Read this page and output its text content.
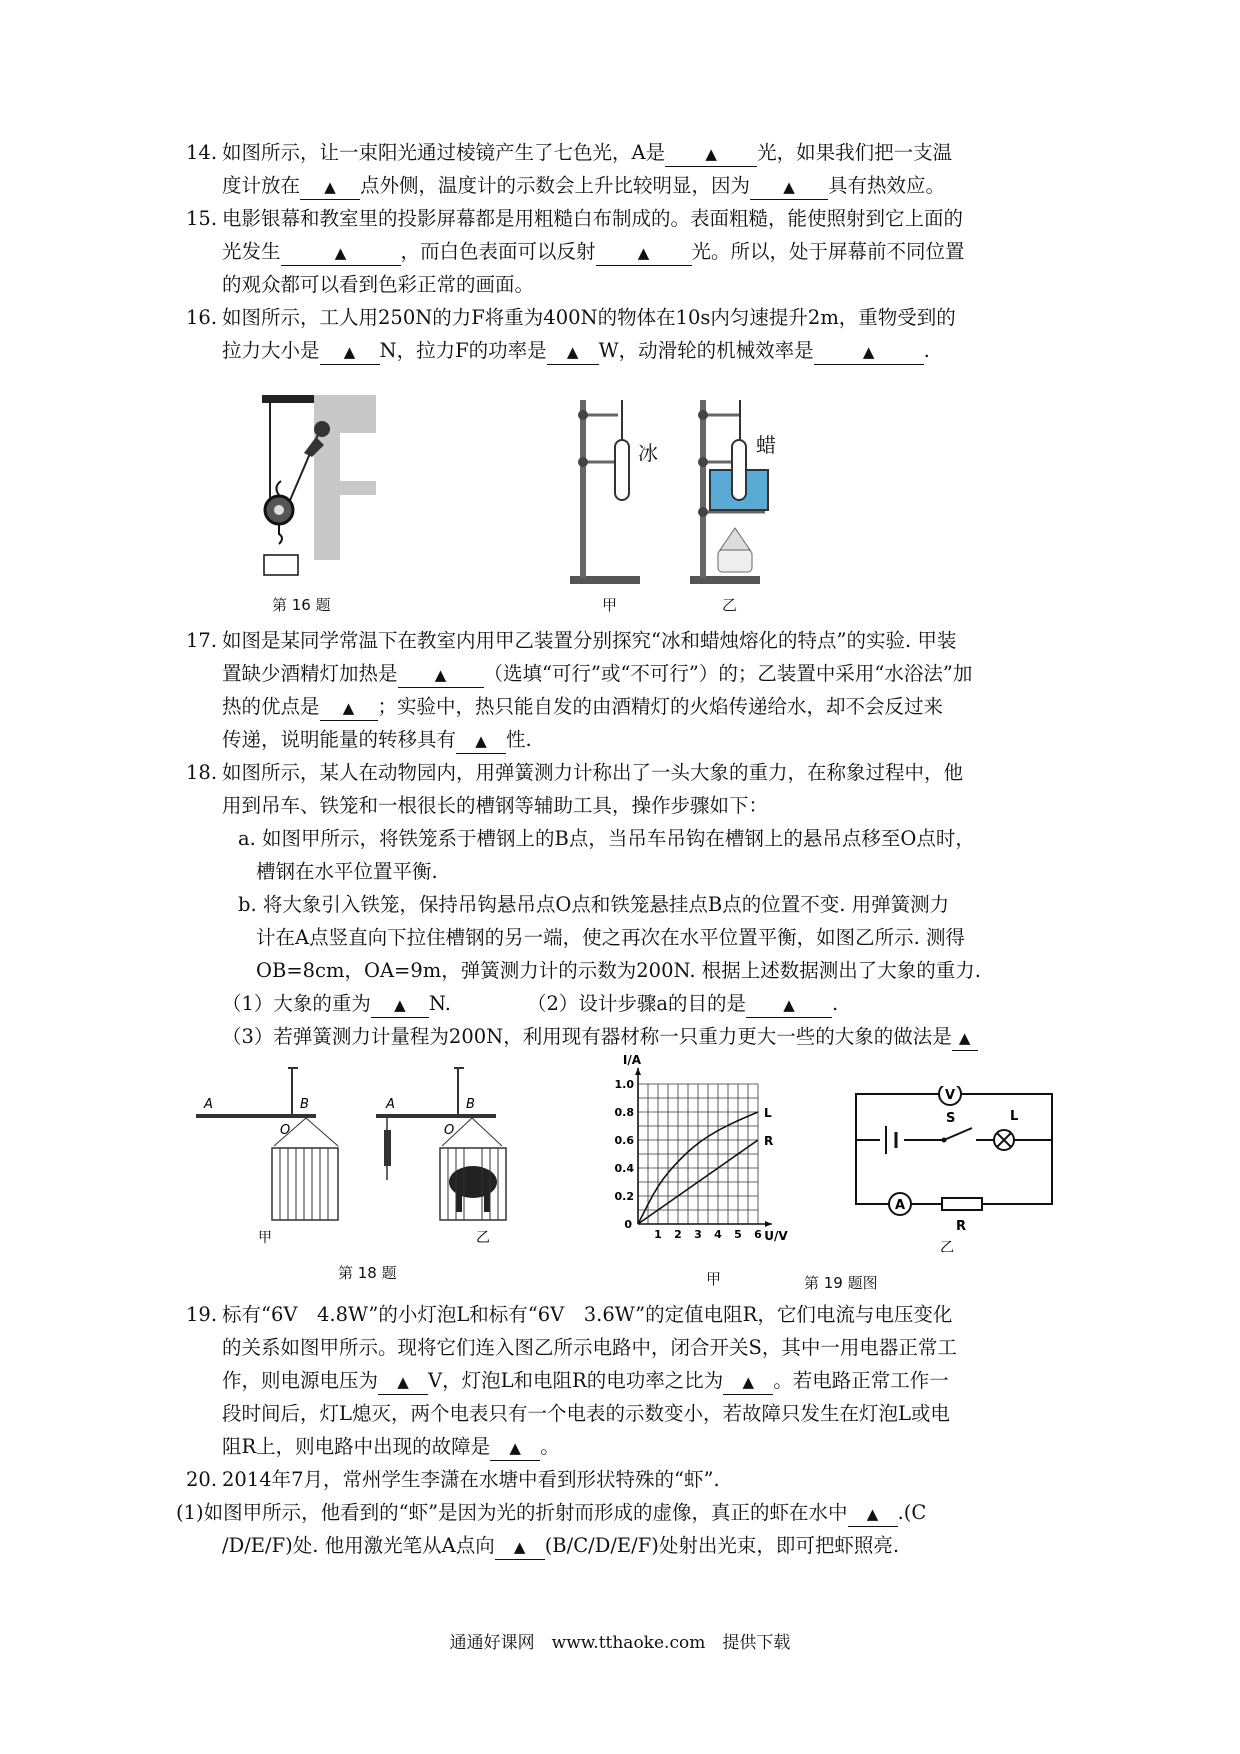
14. 如图所示，让一束阳光通过棱镜产生了七色光，A是	▲ 光，如果我们把一支温

度计放在 ▲ 点外侧，温度计的示数会上升比较明显，因为 ▲ 具有热效应。

15. 电影银幕和教室里的投影屏幕都是用粗糙白布制成的。表面粗糙，能使照射到它上面的

光发生	▲	，而白色表面可以反射	▲ 光。所以，处于屏幕前不同位置

的观众都可以看到色彩正常的画面。

16. 如图所示，工人用250N的力F将重为400N的物体在10s内匀速提升2m，重物受到的

拉力大小是 ▲ N，拉力F的功率是 ▲ W，动滑轮的机械效率是	▲	.

第 16 题
冰	蜡
甲	乙

17. 如图是某同学常温下在教室内用甲乙装置分别探究“冰和蜡烛熔化的特点”的实验. 甲装

置缺少酒精灯加热是 ▲ （选填“可行”或“不可行”）的；乙装置中采用“水浴法”加

热的优点是 ▲ ；实验中，热只能自发的由酒精灯的火焰传递给水，却不会反过来

传递，说明能量的转移具有 ▲ 性.

18. 如图所示，某人在动物园内，用弹簧测力计称出了一头大象的重力，在称象过程中，他

用到吊车、铁笼和一根很长的槽钢等辅助工具，操作步骤如下：

a. 如图甲所示，将铁笼系于槽钢上的B点，当吊车吊钩在槽钢上的悬吊点移至O点时，

槽钢在水平位置平衡.

b. 将大象引入铁笼，保持吊钩悬吊点O点和铁笼悬挂点B点的位置不变. 用弹簧测力

计在A点竖直向下拉住槽钢的另一端，使之再次在水平位置平衡，如图乙所示. 测得

OB=8cm，OA=9m，弹簧测力计的示数为200N. 根据上述数据测出了大象的重力.

（1）大象的重为 ▲ N.	（2）设计步骤a的目的是 ▲ .

（3）若弹簧测力计量程为200N，利用现有器材称一只重力更大一些的大象的做法是 ▲

A	B
O
A	B
O
甲	乙
第 18 题
1 2 3 4 5 6
0.2
0.4
0.6
0.8
1.0
0
U/V
I/A
L
R
甲	第 19 题图
V
S	L
A
R
乙

19. 标有“6V　4.8W”的小灯泡L和标有“6V　3.6W”的定值电阻R，它们电流与电压变化

的关系如图甲所示。现将它们连入图乙所示电路中，闭合开关S，其中一用电器正常工

作，则电源电压为 ▲ V，灯泡L和电阻R的电功率之比为 ▲ 。若电路正常工作一

段时间后，灯L熄灭，两个电表只有一个电表的示数变小，若故障只发生在灯泡L或电

阻R上，则电路中出现的故障是 ▲ 。

20. 2014年7月，常州学生李潇在水塘中看到形状特殊的“虾”.

(1)如图甲所示，他看到的“虾”是因为光的折射而形成的虚像，真正的虾在水中 ▲ .(C

/D/E/F)处. 他用激光笔从A点向 ▲ (B/C/D/E/F)处射出光束，即可把虾照亮.

通通好课网　www.tthaoke.com　提供下载
